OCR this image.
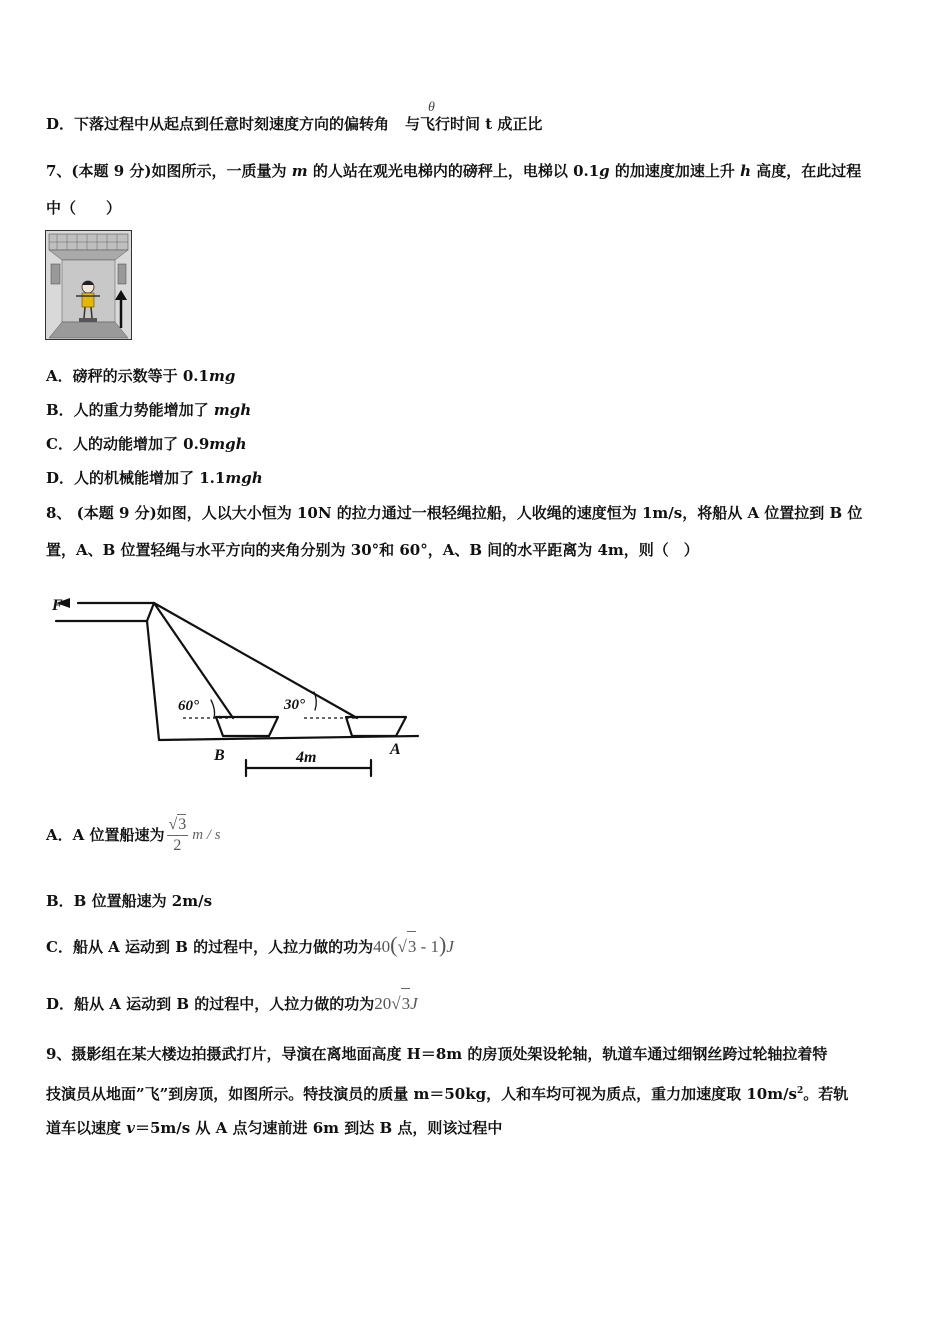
D．下落过程中从起点到任意时刻速度方向的偏转角 与飞行时间 t 成正比
θ
7、(本题 9 分)如图所示，一质量为 m 的人站在观光电梯内的磅秤上，电梯以 0.1g 的加速度加速上升 h 高度，在此过程
中（　　）
A．磅秤的示数等于 0.1mg
B．人的重力势能增加了 mgh
C．人的动能增加了 0.9mgh
D．人的机械能增加了 1.1mgh
8、 (本题 9 分)如图，人以大小恒为 10N 的拉力通过一根轻绳拉船，人收绳的速度恒为 1m/s，将船从 A 位置拉到 B 位
置，A、B 位置轻绳与水平方向的夹角分别为 30°和 60°，A、B 间的水平距离为 4m，则（　）
F
60°	30°
B	A
4m
A．A 位置船速为 $\frac{√3}{2}$ m / s
B．B 位置船速为 2m/s
C．船从 A 运动到 B 的过程中，人拉力做的功为40(√3 - 1)J
D．船从 A 运动到 B 的过程中，人拉力做的功为20√3J
9、摄影组在某大楼边拍摄武打片，导演在离地面高度 H＝8m 的房顶处架设轮轴，轨道车通过细钢丝跨过轮轴拉着特
技演员从地面”飞”到房顶，如图所示。特技演员的质量 m＝50kg，人和车均可视为质点，重力加速度取 $10m/s^2$。若轨
道车以速度 v＝5m/s 从 A 点匀速前进 6m 到达 B 点，则该过程中
